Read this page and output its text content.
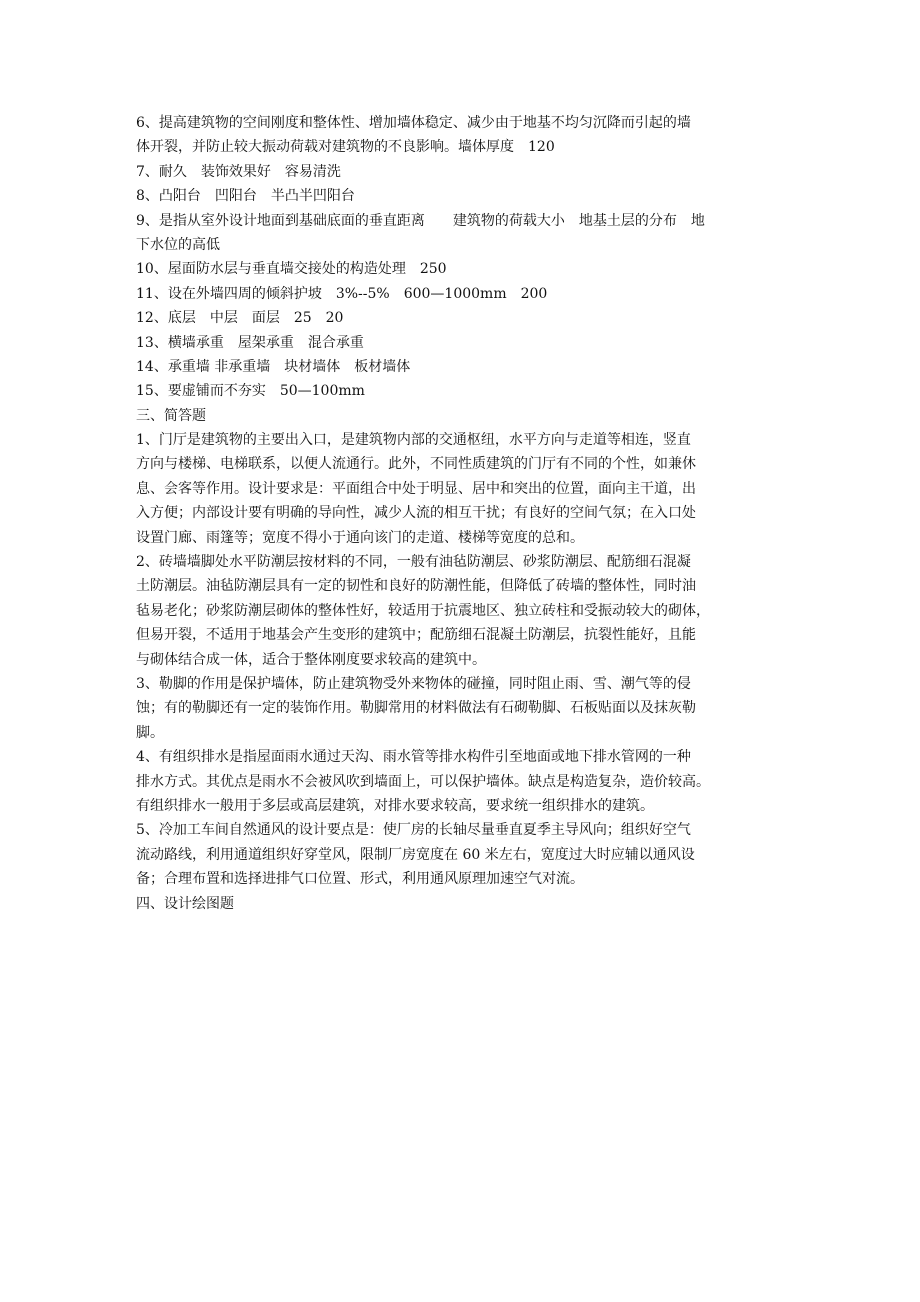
6、提高建筑物的空间刚度和整体性、增加墙体稳定、减少由于地基不均匀沉降而引起的墙
体开裂，并防止较大振动荷载对建筑物的不良影响。墙体厚度　120
7、耐久　装饰效果好　容易清洗
8、凸阳台　凹阳台　半凸半凹阳台
9、是指从室外设计地面到基础底面的垂直距离　　建筑物的荷载大小　地基土层的分布　地
下水位的高低
10、屋面防水层与垂直墙交接处的构造处理　250
11、设在外墙四周的倾斜护坡　3%--5%　600—1000mm　200
12、底层　中层　面层　25　20
13、横墙承重　屋架承重　混合承重
14、承重墙 非承重墙　块材墙体　板材墙体
15、要虚铺而不夯实　50—100mm
三、简答题
1、门厅是建筑物的主要出入口，是建筑物内部的交通枢纽，水平方向与走道等相连，竖直
方向与楼梯、电梯联系，以便人流通行。此外，不同性质建筑的门厅有不同的个性，如兼休
息、会客等作用。设计要求是：平面组合中处于明显、居中和突出的位置，面向主干道，出
入方便；内部设计要有明确的导向性，减少人流的相互干扰；有良好的空间气氛；在入口处
设置门廊、雨篷等；宽度不得小于通向该门的走道、楼梯等宽度的总和。
2、砖墙墙脚处水平防潮层按材料的不同，一般有油毡防潮层、砂浆防潮层、配筋细石混凝
土防潮层。油毡防潮层具有一定的韧性和良好的防潮性能，但降低了砖墙的整体性，同时油
毡易老化；砂浆防潮层砌体的整体性好，较适用于抗震地区、独立砖柱和受振动较大的砌体，
但易开裂，不适用于地基会产生变形的建筑中；配筋细石混凝土防潮层，抗裂性能好，且能
与砌体结合成一体，适合于整体刚度要求较高的建筑中。
3、勒脚的作用是保护墙体，防止建筑物受外来物体的碰撞，同时阻止雨、雪、潮气等的侵
蚀；有的勒脚还有一定的装饰作用。勒脚常用的材料做法有石砌勒脚、石板贴面以及抹灰勒
脚。
4、有组织排水是指屋面雨水通过天沟、雨水管等排水构件引至地面或地下排水管网的一种
排水方式。其优点是雨水不会被风吹到墙面上，可以保护墙体。缺点是构造复杂，造价较高。
有组织排水一般用于多层或高层建筑，对排水要求较高，要求统一组织排水的建筑。
5、冷加工车间自然通风的设计要点是：使厂房的长轴尽量垂直夏季主导风向；组织好空气
流动路线，利用通道组织好穿堂风，限制厂房宽度在 60 米左右，宽度过大时应辅以通风设
备；合理布置和选择进排气口位置、形式，利用通风原理加速空气对流。
四、设计绘图题
